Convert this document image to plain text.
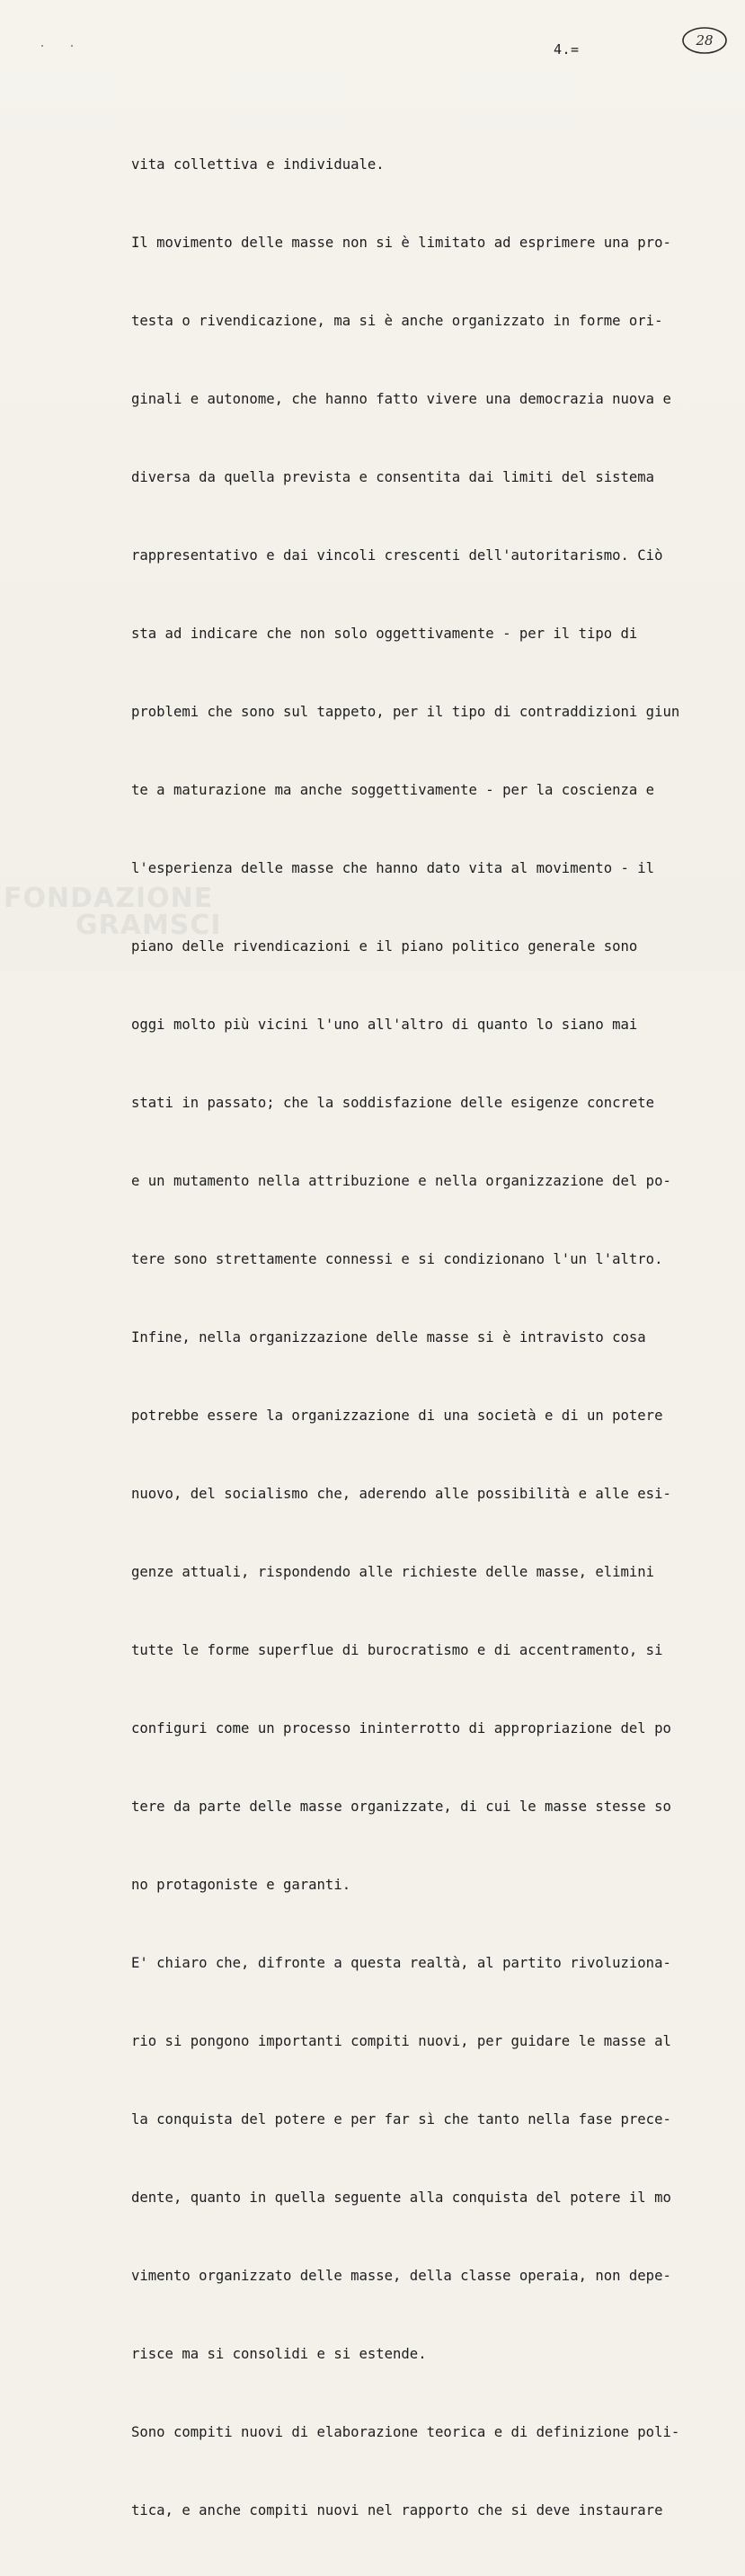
4.=
28

vita collettiva e individuale.

Il movimento delle masse non si è limitato ad esprimere una pro-

testa o rivendicazione, ma si è anche organizzato in forme ori-

ginali e autonome, che hanno fatto vivere una democrazia nuova e

diversa da quella prevista e consentita dai limiti del sistema

rappresentativo e dai vincoli crescenti dell'autoritarismo. Ciò

sta ad indicare che non solo oggettivamente - per il tipo di

problemi che sono sul tappeto, per il tipo di contraddizioni giun

te a maturazione ma anche soggettivamente - per la coscienza e

l'esperienza delle masse che hanno dato vita al movimento - il

piano delle rivendicazioni e il piano politico generale sono

oggi molto più vicini l'uno all'altro di quanto lo siano mai

stati in passato; che la soddisfazione delle esigenze concrete

e un mutamento nella attribuzione e nella organizzazione del po-

tere sono strettamente connessi e si condizionano l'un l'altro.

Infine, nella organizzazione delle masse si è intravisto cosa

potrebbe essere la organizzazione di una società e di un potere

nuovo, del socialismo che, aderendo alle possibilità e alle esi-

genze attuali, rispondendo alle richieste delle masse, elimini

tutte le forme superflue di burocratismo e di accentramento, si

configuri come un processo ininterrotto di appropriazione del po

tere da parte delle masse organizzate, di cui le masse stesse so

no protagoniste e garanti.

E' chiaro che, difronte a questa realtà, al partito rivoluziona-

rio si pongono importanti compiti nuovi, per guidare le masse al

la conquista del potere e per far sì che tanto nella fase prece-

dente, quanto in quella seguente alla conquista del potere il mo

vimento organizzato delle masse, della classe operaia, non depe-

risce ma si consolidi e si estende.

Sono compiti nuovi di elaborazione teorica e di definizione poli-

tica, e anche compiti nuovi nel rapporto che si deve instaurare

FONDAZIONE
GRAMSCI
